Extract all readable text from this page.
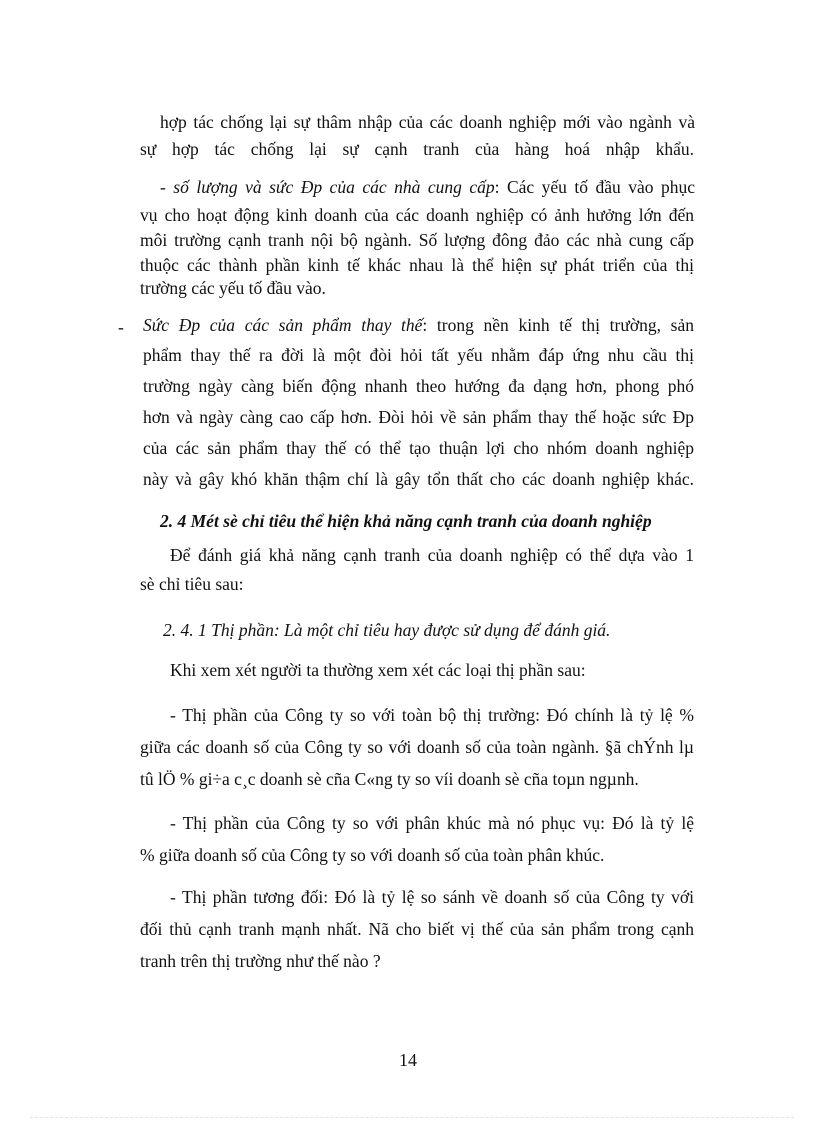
hợp tác chống lại sự thâm nhập của các doanh nghiệp mới vào ngành và
sự hợp tác chống lại sự cạnh tranh của hàng hoá nhập khẩu.
- số lượng và sức Đp của các nhà cung cấp: Các yếu tố đầu vào phục
vụ cho hoạt động kinh doanh của các doanh nghiệp có ảnh hưởng lớn đến
môi trường cạnh tranh nội bộ ngành. Số lượng đông đảo các nhà cung cấp
thuộc các thành phần kinh tế khác nhau là thể hiện sự phát triển của thị
trường các yếu tố đầu vào.
- Sức Đp của các sản phẩm thay thế: trong nền kinh tế thị trường, sản
phẩm thay thế ra đời là một đòi hỏi tất yếu nhằm đáp ứng nhu cầu thị
trường ngày càng biến động nhanh theo hướng đa dạng hơn, phong phó
hơn và ngày càng cao cấp hơn. Đòi hỏi về sản phẩm thay thế hoặc sức Đp
của các sản phẩm thay thế có thể tạo thuận lợi cho nhóm doanh nghiệp
này và gây khó khăn thậm chí là gây tổn thất cho các doanh nghiệp khác.
2. 4 Mét sè chỉ tiêu thể hiện khả năng cạnh tranh của doanh nghiệp
Để đánh giá khả năng cạnh tranh của doanh nghiệp có thể dựa vào 1
sè chỉ tiêu sau:
2. 4. 1 Thị phần: Là một chỉ tiêu hay được sử dụng để đánh giá.
Khi xem xét người ta thường xem xét các loại thị phần sau:
- Thị phần của Công ty so với toàn bộ thị trường: Đó chính là tỷ lệ %
giữa các doanh số của Công ty so với doanh số của toàn ngành. §ã chÝnh lµ
tû lÖ % gi÷a c¸c doanh sè cña C«ng ty so víi doanh sè cña toµn ngµnh.
- Thị phần của Công ty so với phân khúc mà nó phục vụ: Đó là tỷ lệ
% giữa doanh số của Công ty so với doanh số của toàn phân khúc.
- Thị phần tương đối: Đó là tỷ lệ so sánh về doanh số của Công ty với
đối thủ cạnh tranh mạnh nhất. Nã cho biết vị thế của sản phẩm trong cạnh
tranh trên thị trường như thế nào ?
14
